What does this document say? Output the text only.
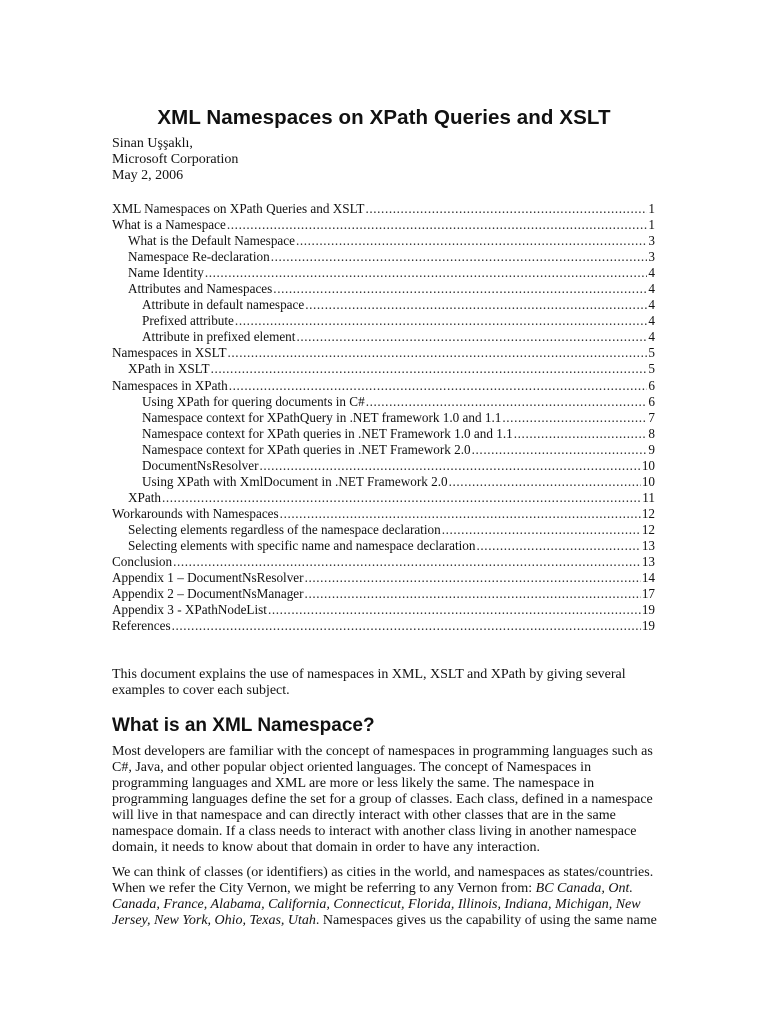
XML Namespaces on XPath Queries and XSLT
Sinan Uşşaklı,
Microsoft Corporation
May 2, 2006
XML Namespaces on XPath Queries and XSLT .....	1
What is a Namespace .....	1
What is the Default Namespace .....	3
Namespace Re-declaration .....	3
Name Identity .....	4
Attributes and Namespaces .....	4
Attribute in default namespace .....	4
Prefixed attribute .....	4
Attribute in prefixed element .....	4
Namespaces in XSLT .....	5
XPath in XSLT .....	5
Namespaces in XPath .....	6
Using XPath for quering documents in C# .....	6
Namespace context for XPathQuery in .NET framework 1.0 and 1.1 .....	7
Namespace context for XPath queries in .NET Framework 1.0 and 1.1 .....	8
Namespace context for XPath queries in .NET Framework 2.0 .....	9
DocumentNsResolver .....	10
Using XPath with XmlDocument in .NET Framework 2.0 .....	10
XPath .....	11
Workarounds with Namespaces .....	12
Selecting elements regardless of the namespace declaration .....	12
Selecting elements with specific name and namespace declaration .....	13
Conclusion .....	13
Appendix 1 – DocumentNsResolver .....	14
Appendix 2 – DocumentNsManager .....	17
Appendix 3 - XPathNodeList .....	19
References .....	19
This document explains the use of namespaces in XML, XSLT and XPath by giving several
examples to cover each subject.
What is an XML Namespace?
Most developers are familiar with the concept of namespaces in programming languages such as
C#, Java, and other popular object oriented languages. The concept of Namespaces in
programming languages and XML are more or less likely the same. The namespace in
programming languages define the set for a group of classes. Each class, defined in a namespace
will live in that namespace and can directly interact with other classes that are in the same
namespace domain. If a class needs to interact with another class living in another namespace
domain, it needs to know about that domain in order to have any interaction.
We can think of classes (or identifiers) as cities in the world, and namespaces as states/countries.
When we refer the City Vernon, we might be referring to any Vernon from: BC Canada, Ont.
Canada, France, Alabama, California, Connecticut, Florida, Illinois, Indiana, Michigan, New
Jersey, New York, Ohio, Texas, Utah. Namespaces gives us the capability of using the same name
